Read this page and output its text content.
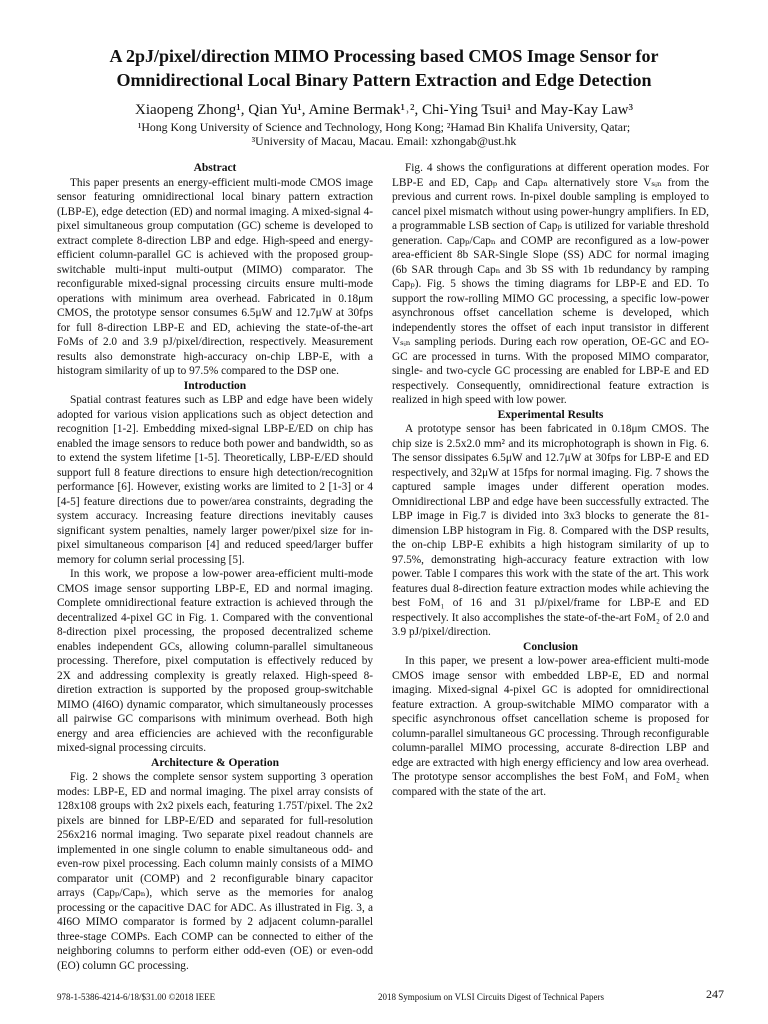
A 2pJ/pixel/direction MIMO Processing based CMOS Image Sensor for
Omnidirectional Local Binary Pattern Extraction and Edge Detection
Xiaopeng Zhong¹, Qian Yu¹, Amine Bermak¹˒², Chi-Ying Tsui¹ and May-Kay Law³
¹Hong Kong University of Science and Technology, Hong Kong; ²Hamad Bin Khalifa University, Qatar;
³University of Macau, Macau. Email: xzhongab@ust.hk
Abstract

This paper presents an energy-efficient multi-mode CMOS image sensor featuring omnidirectional local binary pattern extraction (LBP-E), edge detection (ED) and normal imaging. A mixed-signal 4-pixel simultaneous group computation (GC) scheme is developed to extract complete 8-direction LBP and edge. High-speed and energy-efficient column-parallel GC is achieved with the proposed group-switchable multi-input multi-output (MIMO) comparator. The reconfigurable mixed-signal processing circuits ensure multi-mode operations with minimum area overhead. Fabricated in 0.18μm CMOS, the prototype sensor consumes 6.5μW and 12.7μW at 30fps for full 8-direction LBP-E and ED, achieving the state-of-the-art FoMs of 2.0 and 3.9 pJ/pixel/direction, respectively. Measurement results also demonstrate high-accuracy on-chip LBP-E, with a histogram similarity of up to 97.5% compared to the DSP one.

Introduction

Spatial contrast features such as LBP and edge have been widely adopted for various vision applications such as object detection and recognition [1-2]. Embedding mixed-signal LBP-E/ED on chip has enabled the image sensors to reduce both power and bandwidth, so as to extend the system lifetime [1-5]. Theoretically, LBP-E/ED should support full 8 feature directions to ensure high detection/recognition performance [6]. However, existing works are limited to 2 [1-3] or 4 [4-5] feature directions due to power/area constraints, degrading the system accuracy. Increasing feature directions inevitably causes significant system penalties, namely larger power/pixel size for in-pixel simultaneous comparison [4] and reduced speed/larger buffer memory for column serial processing [5].

In this work, we propose a low-power area-efficient multi-mode CMOS image sensor supporting LBP-E, ED and normal imaging. Complete omnidirectional feature extraction is achieved through the decentralized 4-pixel GC in Fig. 1. Compared with the conventional 8-direction pixel processing, the proposed decentralized scheme enables independent GCs, allowing column-parallel simultaneous processing. Therefore, pixel computation is effectively reduced by 2X and addressing complexity is greatly relaxed. High-speed 8-diretion extraction is supported by the proposed group-switchable MIMO (4I6O) dynamic comparator, which simultaneously processes all pairwise GC comparisons with minimum overhead. Both high energy and area efficiencies are achieved with the reconfigurable mixed-signal processing circuits.

Architecture & Operation

Fig. 2 shows the complete sensor system supporting 3 operation modes: LBP-E, ED and normal imaging. The pixel array consists of 128x108 groups with 2x2 pixels each, featuring 1.75T/pixel. The 2x2 pixels are binned for LBP-E/ED and separated for full-resolution 256x216 normal imaging. Two separate pixel readout channels are implemented in one single column to enable simultaneous odd- and even-row pixel processing. Each column mainly consists of a MIMO comparator unit (COMP) and 2 reconfigurable binary capacitor arrays (Capₚ/Capₙ), which serve as the memories for analog processing or the capacitive DAC for ADC. As illustrated in Fig. 3, a 4I6O MIMO comparator is formed by 2 adjacent column-parallel three-stage COMPs. Each COMP can be connected to either of the neighboring columns to perform either odd-even (OE) or even-odd (EO) column GC processing.

Fig. 4 shows the configurations at different operation modes. For LBP-E and ED, Capₚ and Capₙ alternatively store Vₛᵢₙ from the previous and current rows. In-pixel double sampling is employed to cancel pixel mismatch without using power-hungry amplifiers. In ED, a programmable LSB section of Capₚ is utilized for variable threshold generation. Capₚ/Capₙ and COMP are reconfigured as a low-power area-efficient 8b SAR-Single Slope (SS) ADC for normal imaging (6b SAR through Capₙ and 3b SS with 1b redundancy by ramping Capₚ). Fig. 5 shows the timing diagrams for LBP-E and ED. To support the row-rolling MIMO GC processing, a specific low-power asynchronous offset cancellation scheme is developed, which independently stores the offset of each input transistor in different Vₛᵢₙ sampling periods. During each row operation, OE-GC and EO-GC are processed in turns. With the proposed MIMO comparator, single- and two-cycle GC processing are enabled for LBP-E and ED respectively. Consequently, omnidirectional feature extraction is realized in high speed with low power.

Experimental Results

A prototype sensor has been fabricated in 0.18μm CMOS. The chip size is 2.5x2.0 mm² and its microphotograph is shown in Fig. 6. The sensor dissipates 6.5μW and 12.7μW at 30fps for LBP-E and ED respectively, and 32μW at 15fps for normal imaging. Fig. 7 shows the captured sample images under different operation modes. Omnidirectional LBP and edge have been successfully extracted. The LBP image in Fig.7 is divided into 3x3 blocks to generate the 81-dimension LBP histogram in Fig. 8. Compared with the DSP results, the on-chip LBP-E exhibits a high histogram similarity of up to 97.5%, demonstrating high-accuracy feature extraction with low power. Table I compares this work with the state of the art. This work features dual 8-direction feature extraction modes while achieving the best FoM₁ of 16 and 31 pJ/pixel/frame for LBP-E and ED respectively. It also accomplishes the state-of-the-art FoM₂ of 2.0 and 3.9 pJ/pixel/direction.

Conclusion

In this paper, we present a low-power area-efficient multi-mode CMOS image sensor with embedded LBP-E, ED and normal imaging. Mixed-signal 4-pixel GC is adopted for omnidirectional feature extraction. A group-switchable MIMO comparator with a specific asynchronous offset cancellation scheme is proposed for column-parallel simultaneous GC processing. Through reconfigurable column-parallel MIMO processing, accurate 8-direction LBP and edge are extracted with high energy efficiency and low area overhead. The prototype sensor accomplishes the best FoM₁ and FoM₂ when compared with the state of the art.

978-1-5386-4214-6/18/$31.00 ©2018 IEEE	2018 Symposium on VLSI Circuits Digest of Technical Papers	247
